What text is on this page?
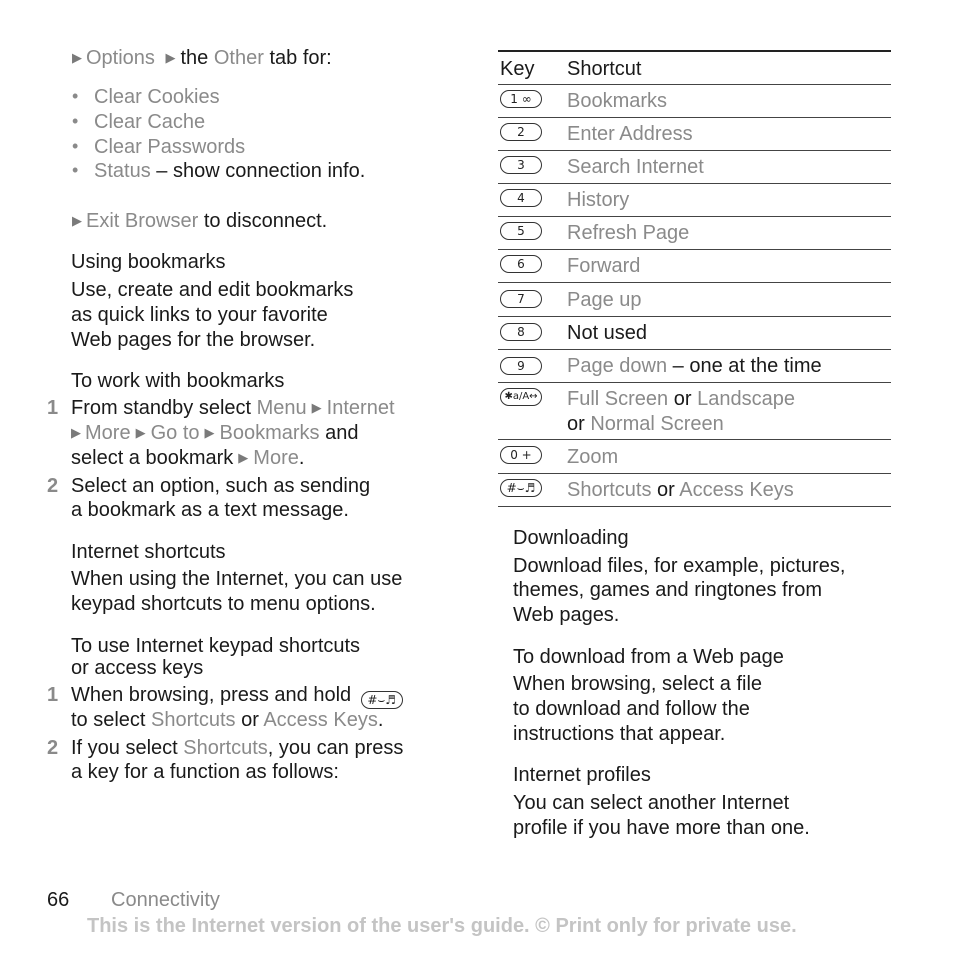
▶ Options ▶ the Other tab for:
• Clear Cookies
• Clear Cache
• Clear Passwords
• Status – show connection info.
▶ Exit Browser to disconnect.
Using bookmarks
Use, create and edit bookmarks
as quick links to your favorite
Web pages for the browser.
To work with bookmarks
1 From standby select Menu ▶ Internet
▶ More ▶ Go to ▶ Bookmarks and
select a bookmark ▶ More.
2 Select an option, such as sending
a bookmark as a text message.
Internet shortcuts
When using the Internet, you can use
keypad shortcuts to menu options.
To use Internet keypad shortcuts
or access keys
1 When browsing, press and hold #⌣♬
to select Shortcuts or Access Keys.
2 If you select Shortcuts, you can press
a key for a function as follows:
Key Shortcut
1 ∞	Bookmarks
2	Enter Address
3	Search Internet
4	History
5	Refresh Page
6	Forward
7	Page up
8	Not used
9	Page down – one at the time
✱a/A↔ Full Screen or Landscape
or Normal Screen
0 +	Zoom
#⌣♬	Shortcuts or Access Keys
Downloading
Download files, for example, pictures,
themes, games and ringtones from
Web pages.
To download from a Web page
When browsing, select a file
to download and follow the
instructions that appear.
Internet profiles
You can select another Internet
profile if you have more than one.
66 Connectivity
This is the Internet version of the user's guide. © Print only for private use.
